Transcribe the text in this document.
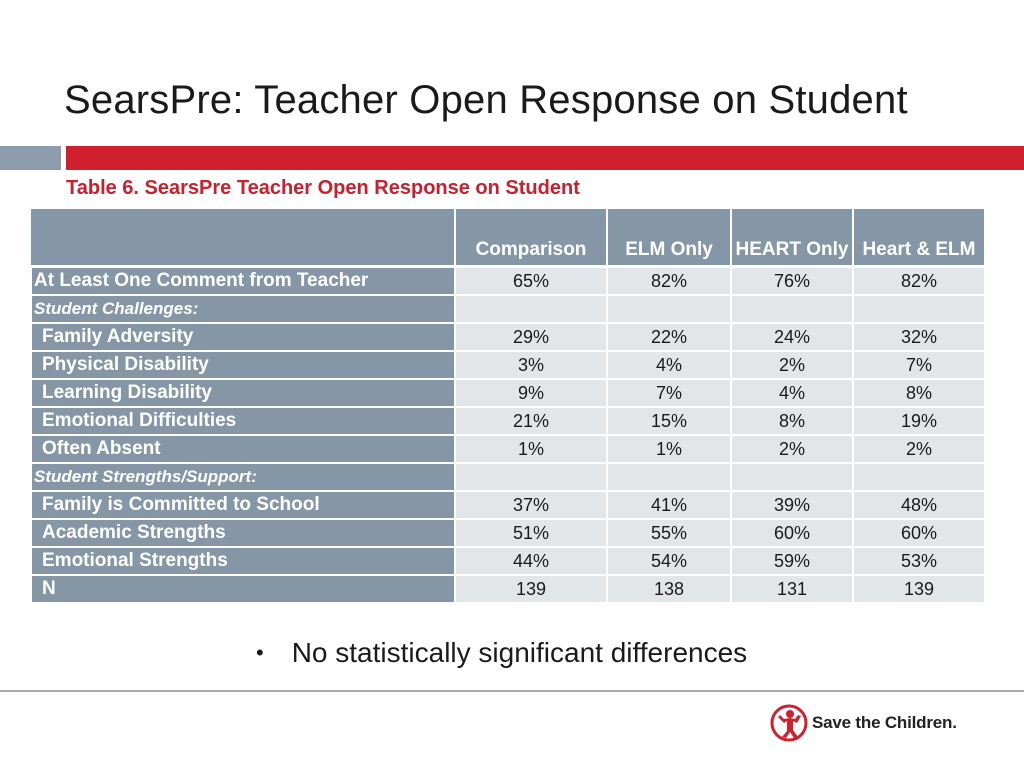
SearsPre: Teacher Open Response on Student

Table 6. SearsPre Teacher Open Response on Student

	Comparison	ELM Only	HEART Only	Heart & ELM
At Least One Comment from Teacher	65%	82%	76%	82%
Student Challenges:				
Family Adversity	29%	22%	24%	32%
Physical Disability	3%	4%	2%	7%
Learning Disability	9%	7%	4%	8%
Emotional Difficulties	21%	15%	8%	19%
Often Absent	1%	1%	2%	2%
Student Strengths/Support:				
Family is Committed to School	37%	41%	39%	48%
Academic Strengths	51%	55%	60%	60%
Emotional Strengths	44%	54%	59%	53%
N	139	138	131	139

• No statistically significant differences

Save the Children.
